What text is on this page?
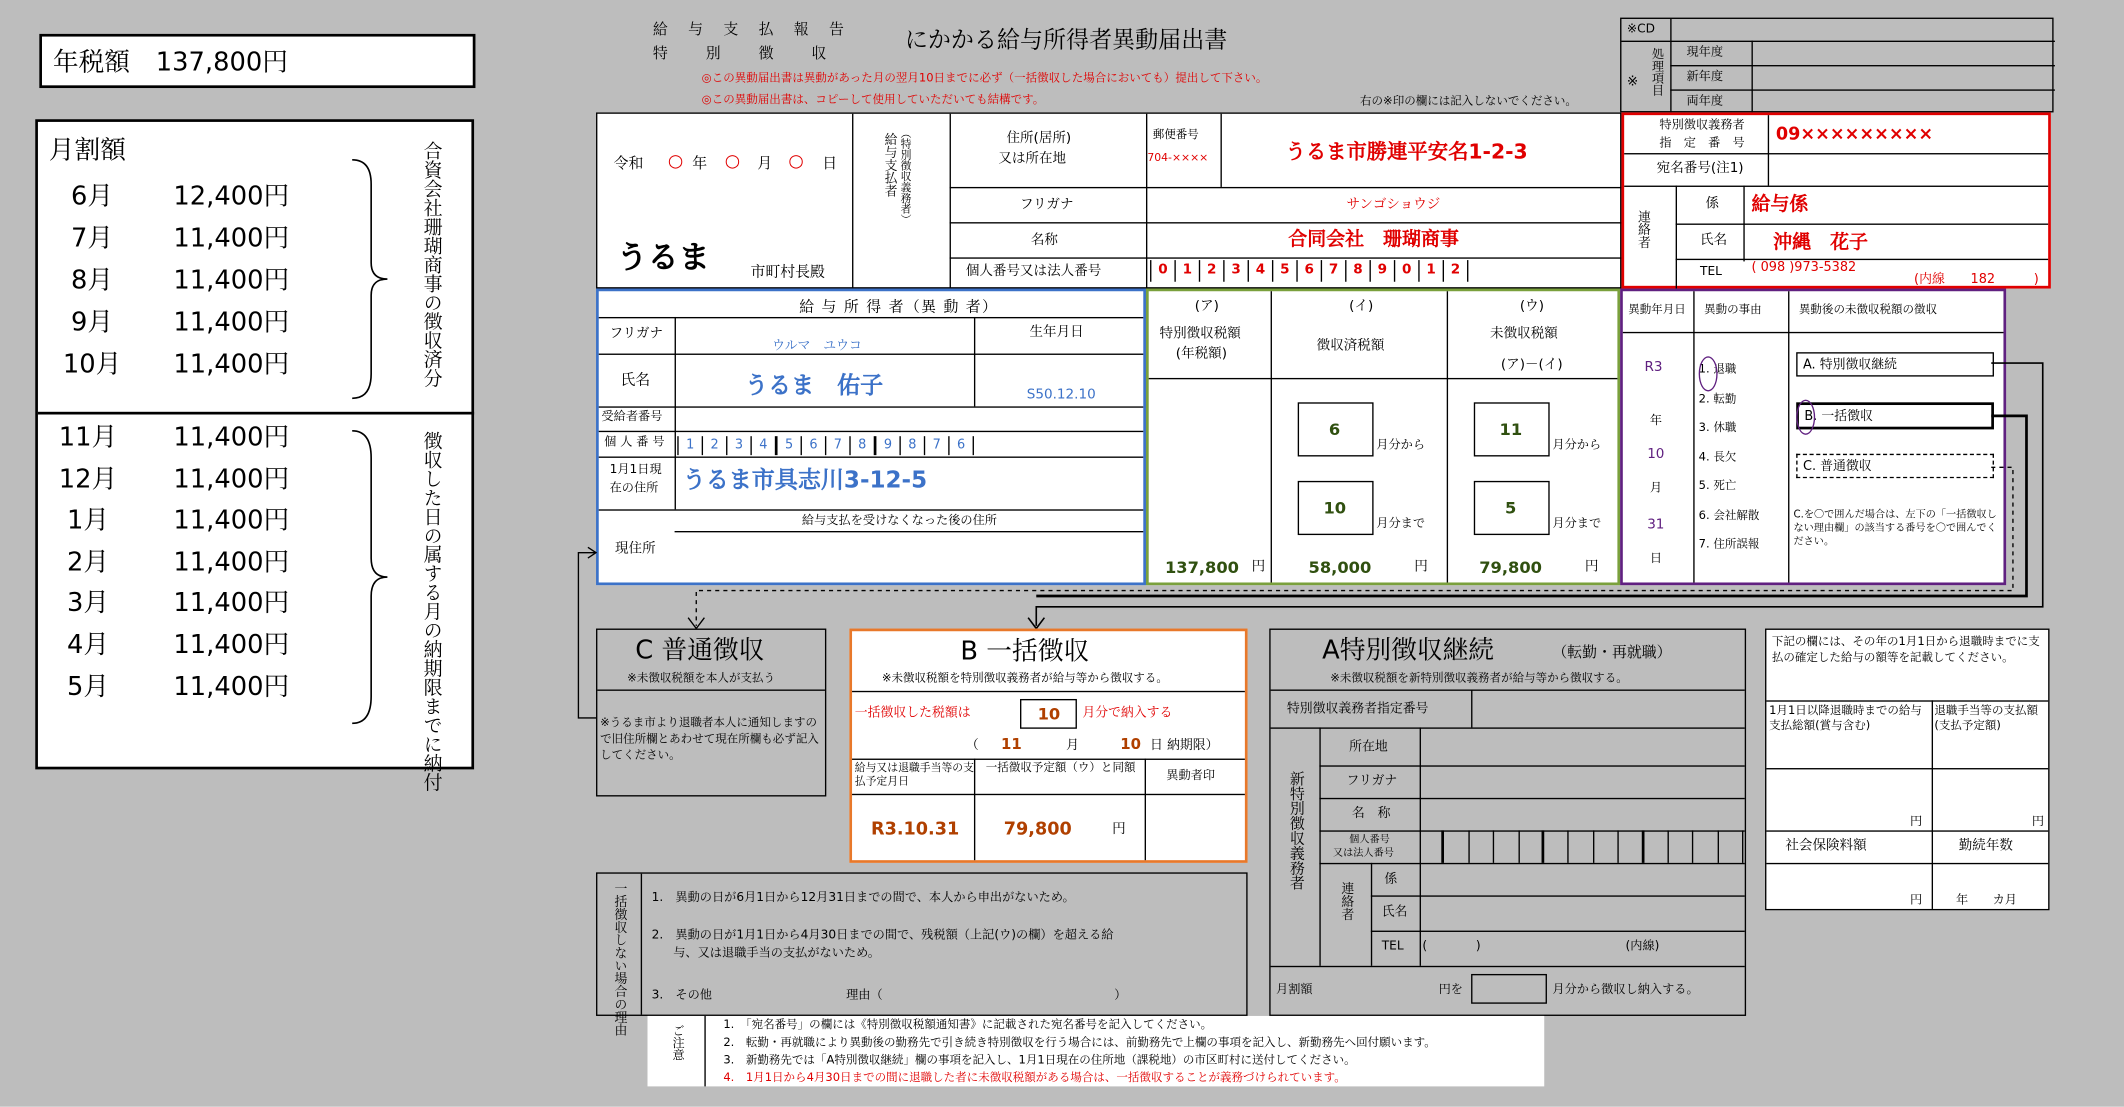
年税額　137,800円
月割額
6月	12,400円
7月	11,400円
8月	11,400円
9月	11,400円
10月	11,400円	合資会社珊瑚商事の徴収済分
11月	11,400円
12月	11,400円
1月	11,400円
2月	11,400円
3月	11,400円
4月	11,400円
5月	11,400円	徴収した日の属する月の納期限までに納付
給　与　支　払　報　告
特　　別　　徴　　収	にかかる給与所得者異動届出書
◎この異動届出書は異動があった月の翌月10日までに必ず（一括徴収した場合においても）提出して下さい。
◎この異動届出書は、コピーして使用していただいても結構です。	右の※印の欄には記入しないでください。
※CD
※ 処理項目	現年度
新年度
両年度
令和 ○ 年 ○ 月 ○ 日
うるま	市町村長殿
給与支払者 （特別徴収義務者）	住所(居所)
又は所在地
郵便番号
704-××××	うるま市勝連平安名1-2-3
フリガナ	サンゴショウジ
名称	合同会社　珊瑚商事
個人番号又は法人番号	0 1 2 3 4 5 6 7 8 9 0 1 2
特別徴収義務者
指　定　番　号 09×××××××××
宛名番号(注1)
連絡者
係 給与係
氏名	沖縄　花子
TEL	( 098 )973-5382
(内線　　182　　　)
給 与 所 得 者（異 動 者）
フリガナ
ウルマ　ユウコ
生年月日
S50.12.10
氏名	うるま　佑子
受給者番号
個 人 番 号	1 2 3 4 5 6 7 8 9 8 7 6
1月1日現
在の住所 うるま市具志川3-12-5
給与支払を受けなくなった後の住所
現住所
(ア)
特別徴収税額
(年税額)
(イ)
徴収済税額
(ウ)
未徴収税額
(ア)－(イ)
6
月分から
10
月分まで
11
月分から
5
月分まで
137,800 円	58,000	円	79,800	円
異動年月日 異動の事由	異動後の未徴収税額の徴収
R3
年
10
月
31
日
1. 退職
2. 転勤
3. 休職
4. 長欠
5. 死亡
6. 会社解散
7. 住所誤報
A. 特別徴収継続
B. 一括徴収
C. 普通徴収
C.を〇で囲んだ場合は、左下の「一括徴収しない理由欄」の該当する番号を〇で囲んでください。
C 普通徴収
※未徴収税額を本人が支払う
※うるま市より退職者本人に通知しますので旧住所欄とあわせて現在所欄も必ず記入してください。
B 一括徴収
※未徴収税額を特別徴収義務者が給与等から徴収する。
一括徴収した税額は	10 月分で納入する
（ 11	月	10 日 納期限）
給与又は退職手当等の支払予定月日
一括徴収予定額（ウ）と同額
異動者印
R3.10.31	79,800	円
A特別徴収継続	（転勤・再就職）
※未徴収税額を新特別徴収義務者が給与等から徴収する。
特別徴収義務者指定番号
新特別徴収義務者
所在地
フリガナ
名　称
個人番号
又は法人番号
連絡者
係
氏名
TEL (　　　　)	(内線)
月割額	円を	月分から徴収し納入する。
下記の欄には、その年の1月1日から退職時までに支払の確定した給与の額等を記載してください。
1月1日以降退職時までの給与支払総額(賞与含む)
退職手当等の支払額(支払予定額)
円	円
社会保険料額	勤続年数
円	年　　カ月
一括徴収しない場合の理由	1.　異動の日が6月1日から12月31日までの間で、本人から申出がないため。
2.　異動の日が1月1日から4月30日までの間で、残税額（上記(ウ)の欄）を超える給
与、又は退職手当の支払がないため。
3.　その他　　　　　　　　　　　理由（　　　　　　　　　　　　　　　　　　　）
ご注意	1.　「宛名番号」の欄には《特別徴収税額通知書》に記載された宛名番号を記入してください。
2.　転勤・再就職により異動後の勤務先で引き続き特別徴収を行う場合には、前勤務先で上欄の事項を記入し、新勤務先へ回付願います。
3.　新勤務先では「A特別徴収継続」欄の事項を記入し、1月1日現在の住所地（課税地）の市区町村に送付してください。
4.　1月1日から4月30日までの間に退職した者に未徴収税額がある場合は、一括徴収することが義務づけられています。
